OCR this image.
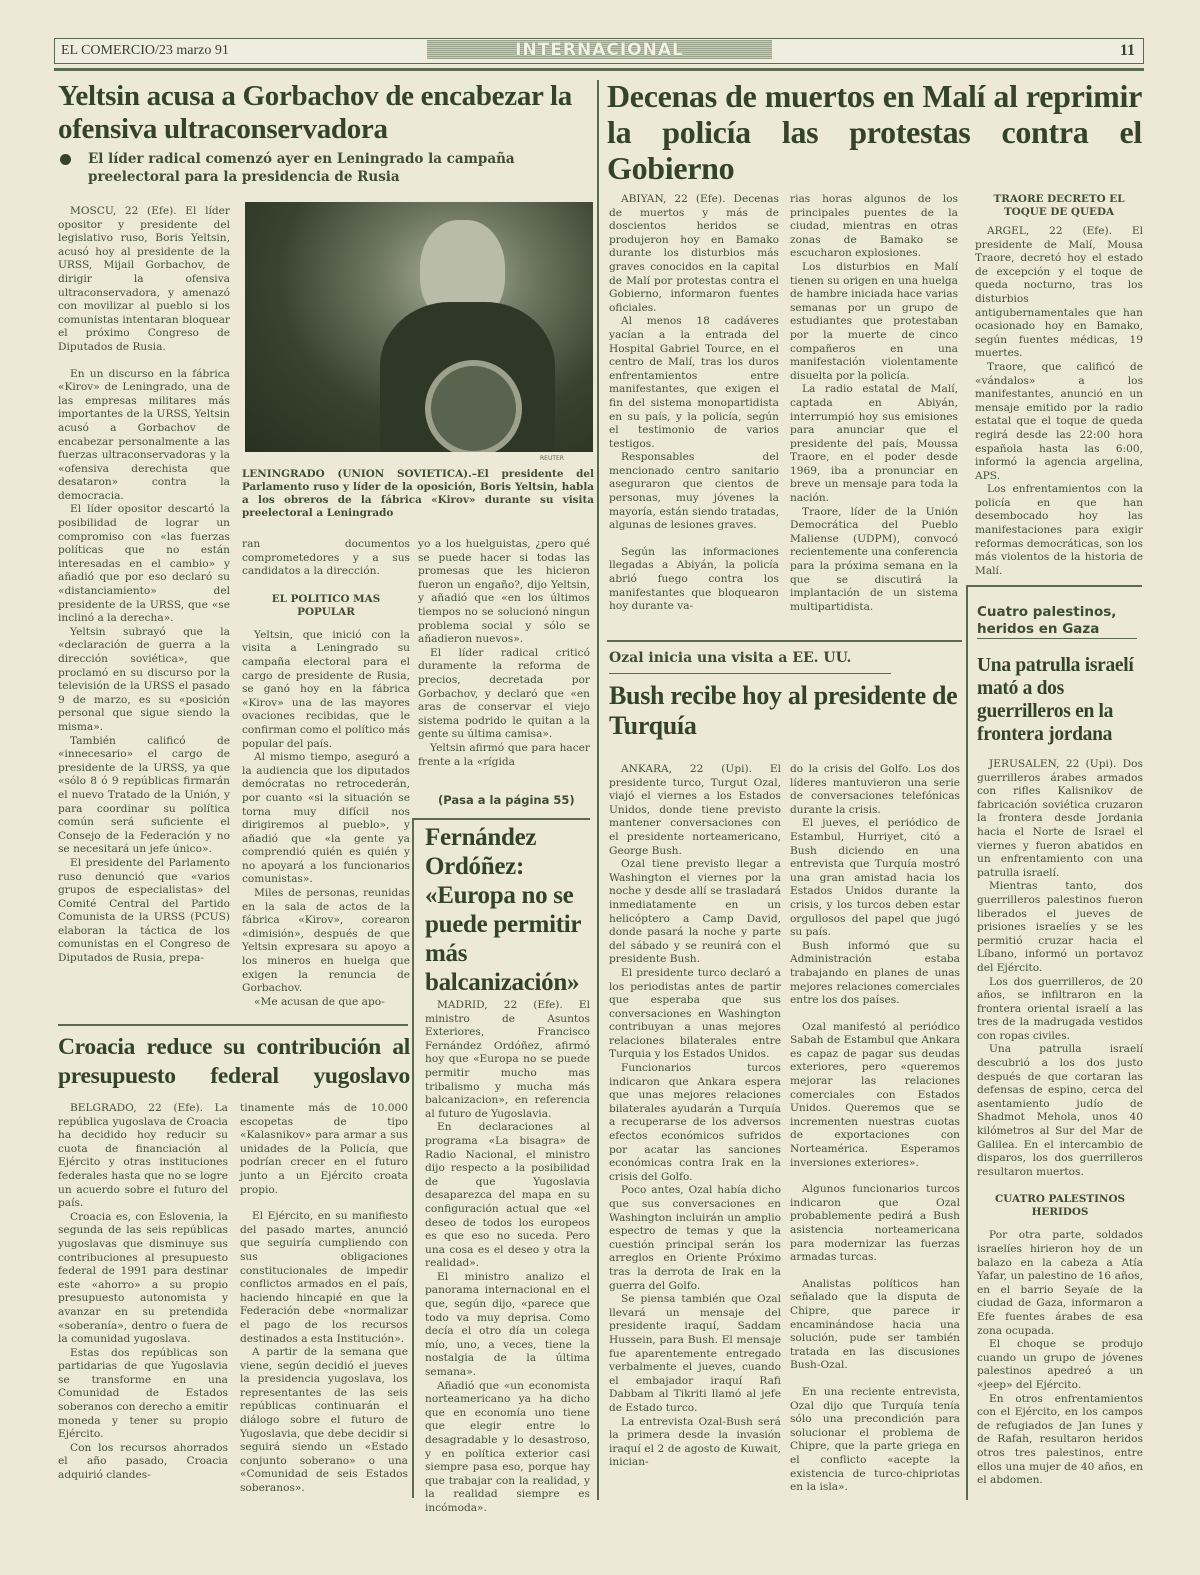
EL COMERCIO/23 marzo 91	INTERNACIONAL	11
Yeltsin acusa a Gorbachov de encabezar la ofensiva ultraconservadora
El líder radical comenzó ayer en Leningrado la campaña preelectoral para la presidencia de Rusia

MOSCU, 22 (Efe). El líder opositor y presidente del legislativo ruso, Boris Yeltsin, acusó hoy al presidente de la URSS, Mijail Gorbachov, de dirigir la ofensiva ultraconservadora, y amenazó con movilizar al pueblo si los comunistas intentaran bloquear el próximo Congreso de Diputados de Rusia.

En un discurso en la fábrica «Kirov» de Leningrado, una de las empresas militares más importantes de la URSS, Yeltsin acusó a Gorbachov de encabezar personalmente a las fuerzas ultraconservadoras y la «ofensiva derechista que desataron» contra la democracia.

El líder opositor descartó la posibilidad de lograr un compromiso con «las fuerzas políticas que no están interesadas en el cambio» y añadió que por eso declaró su «distanciamiento» del presidente de la URSS, que «se inclinó a la derecha».

Yeltsin subrayó que la «declaración de guerra a la dirección soviética», que proclamó en su discurso por la televisión de la URSS el pasado 9 de marzo, es su «posición personal que sigue siendo la misma».

También calificó de «innecesario» el cargo de presidente de la URSS, ya que «sólo 8 ó 9 repúblicas firmarán el nuevo Tratado de la Unión, y para coordinar su política común será suficiente el Consejo de la Federación y no se necesitará un jefe único».

El presidente del Parlamento ruso denunció que «varios grupos de especialistas» del Comité Central del Partido Comunista de la URSS (PCUS) elaboran la táctica de los comunistas en el Congreso de Diputados de Rusia, prepa-

REUTER
LENINGRADO (UNION SOVIETICA).–El presidente del Parlamento ruso y líder de la oposición, Boris Yeltsin, habla a los obreros de la fábrica «Kirov» durante su visita preelectoral a Leningrado

ran documentos comprometedores y a sus candidatos a la dirección.

EL POLITICO MAS POPULAR

Yeltsin, que inició con la visita a Leningrado su campaña electoral para el cargo de presidente de Rusia, se ganó hoy en la fábrica «Kirov» una de las mayores ovaciones recibidas, que le confirman como el político más popular del país.

Al mismo tiempo, aseguró a la audiencia que los diputados demócratas no retrocederán, por cuanto «si la situación se torna muy difícil nos dirigiremos al pueblo», y añadió que «la gente ya comprendió quién es quién y no apoyará a los funcionarios comunistas».

Miles de personas, reunidas en la sala de actos de la fábrica «Kirov», corearon «dimisión», después de que Yeltsin expresara su apoyo a los mineros en huelga que exigen la renuncia de Gorbachov.

«Me acusan de que apo-

yo a los huelguistas, ¿pero qué se puede hacer si todas las promesas que les hicieron fueron un engaño?, dijo Yeltsin, y añadió que «en los últimos tiempos no se solucionó ningun problema social y sólo se añadieron nuevos».

El líder radical criticó duramente la reforma de precios, decretada por Gorbachov, y declaró que «en aras de conservar el viejo sistema podrido le quitan a la gente su última camisa».

Yeltsin afirmó que para hacer frente a la «rígida

(Pasa a la página 55)
Fernández Ordóñez: «Europa no se puede permitir más balcanización»

MADRID, 22 (Efe). El ministro de Asuntos Exteriores, Francisco Fernández Ordóñez, afirmó hoy que «Europa no se puede permitir mucho mas tribalismo y mucha más balcanizacion», en referencia al futuro de Yugoslavia.

En declaraciones al programa «La bisagra» de Radio Nacional, el ministro dijo respecto a la posibilidad de que Yugoslavia desaparezca del mapa en su configuración actual que «el deseo de todos los europeos es que eso no suceda. Pero una cosa es el deseo y otra la realidad».

El ministro analizo el panorama internacional en el que, según dijo, «parece que todo va muy deprisa. Como decía el otro día un colega mío, uno, a veces, tiene la nostalgia de la última semana».

Añadió que «un economista norteamericano ya ha dicho que en economía uno tiene que elegir entre lo desagradable y lo desastroso, y en política exterior casi siempre pasa eso, porque hay que trabajar con la realidad, y la realidad siempre es incómoda».

Croacia reduce su contribución al presupuesto federal yugoslavo

BELGRADO, 22 (Efe). La república yugoslava de Croacia ha decidido hoy reducir su cuota de financiación al Ejército y otras instituciones federales hasta que no se logre un acuerdo sobre el futuro del país.

Croacia es, con Eslovenia, la segunda de las seis repúblicas yugoslavas que disminuye sus contribuciones al presupuesto federal de 1991 para destinar este «ahorro» a su propio presupuesto autonomista y avanzar en su pretendida «soberanía», dentro o fuera de la comunidad yugoslava.

Estas dos repúblicas son partidarias de que Yugoslavia se transforme en una Comunidad de Estados soberanos con derecho a emitir moneda y tener su propio Ejército.

Con los recursos ahorrados el año pasado, Croacia adquirió clandes-

tinamente más de 10.000 escopetas de tipo «Kalasnikov» para armar a sus unidades de la Policía, que podrían crecer en el futuro junto a un Ejército croata propio.

El Ejército, en su manifiesto del pasado martes, anunció que seguiría cumpliendo con sus obligaciones constitucionales de impedir conflictos armados en el país, haciendo hincapié en que la Federación debe «normalizar el pago de los recursos destinados a esta Institución».

A partir de la semana que viene, según decidió el jueves la presidencia yugoslava, los representantes de las seis repúblicas continuarán el diálogo sobre el futuro de Yugoslavia, que debe decidir si seguirá siendo un «Estado conjunto soberano» o una «Comunidad de seis Estados soberanos».

Decenas de muertos en Malí al reprimir la policía las protestas contra el Gobierno

ABIYAN, 22 (Efe). Decenas de muertos y más de doscientos heridos se produjeron hoy en Bamako durante los disturbios más graves conocidos en la capital de Malí por protestas contra el Gobierno, informaron fuentes oficiales.

Al menos 18 cadáveres yacían a la entrada del Hospital Gabriel Tource, en el centro de Malí, tras los duros enfrentamientos entre manifestantes, que exigen el fin del sistema monopartidista en su país, y la policía, según el testimonio de varios testigos.

Responsables del mencionado centro sanitario aseguraron que cientos de personas, muy jóvenes la mayoría, están siendo tratadas, algunas de lesiones graves.

Según las informaciones llegadas a Abiyán, la policía abrió fuego contra los manifestantes que bloquearon hoy durante va-

rias horas algunos de los principales puentes de la ciudad, mientras en otras zonas de Bamako se escucharon explosiones.

Los disturbios en Malí tienen su origen en una huelga de hambre iniciada hace varias semanas por un grupo de estudiantes que protestaban por la muerte de cinco compañeros en una manifestación violentamente disuelta por la policía.

La radio estatal de Malí, captada en Abiyán, interrumpió hoy sus emisiones para anunciar que el presidente del país, Moussa Traore, en el poder desde 1969, iba a pronunciar en breve un mensaje para toda la nación.

Traore, líder de la Unión Democrática del Pueblo Maliense (UDPM), convocó recientemente una conferencia para la próxima semana en la que se discutirá la implantación de un sistema multipartidista.

TRAORE DECRETO EL TOQUE DE QUEDA

ARGEL, 22 (Efe). El presidente de Malí, Mousa Traore, decretó hoy el estado de excepción y el toque de queda nocturno, tras los disturbios antigubernamentales que han ocasionado hoy en Bamako, según fuentes médicas, 19 muertes.

Traore, que calificó de «vándalos» a los manifestantes, anunció en un mensaje emitido por la radio estatal que el toque de queda regirá desde las 22:00 hora española hasta las 6:00, informó la agencia argelina, APS.

Los enfrentamientos con la policía en que han desembocado hoy las manifestaciones para exigir reformas democráticas, son los más violentos de la historia de Malí.

Ozal inicia una visita a EE. UU.
Bush recibe hoy al presidente de Turquía

ANKARA, 22 (Upi). El presidente turco, Turgut Ozal, viajó el viernes a los Estados Unidos, donde tiene previsto mantener conversaciones con el presidente norteamericano, George Bush.

Ozal tiene previsto llegar a Washington el viernes por la noche y desde allí se trasladará inmediatamente en un helicóptero a Camp David, donde pasará la noche y parte del sábado y se reunirá con el presidente Bush.

El presidente turco declaró a los periodistas antes de partir que esperaba que sus conversaciones en Washington contribuyan a unas mejores relaciones bilaterales entre Turquia y los Estados Unidos.

Funcionarios turcos indicaron que Ankara espera que unas mejores relaciones bilaterales ayudarán a Turquía a recuperarse de los adversos efectos económicos sufridos por acatar las sanciones económicas contra Irak en la crisis del Golfo.

Poco antes, Ozal había dicho que sus conversaciones en Washington incluirán un amplio espectro de temas y que la cuestión principal serán los arreglos en Oriente Próximo tras la derrota de Irak en la guerra del Golfo.

Se piensa también que Ozal llevará un mensaje del presidente iraquí, Saddam Hussein, para Bush. El mensaje fue aparentemente entregado verbalmente el jueves, cuando el embajador iraquí Rafi Dabbam al Tikriti llamó al jefe de Estado turco.

La entrevista Ozal-Bush será la primera desde la invasión iraquí el 2 de agosto de Kuwait, inician-

do la crisis del Golfo. Los dos líderes mantuvieron una serie de conversaciones telefónicas durante la crisis.

El jueves, el periódico de Estambul, Hurriyet, citó a Bush diciendo en una entrevista que Turquía mostró una gran amistad hacia los Estados Unidos durante la crisis, y los turcos deben estar orgullosos del papel que jugó su país.

Bush informó que su Administración estaba trabajando en planes de unas mejores relaciones comerciales entre los dos países.

Ozal manifestó al periódico Sabah de Estambul que Ankara es capaz de pagar sus deudas exteriores, pero «queremos mejorar las relaciones comerciales con Estados Unidos. Queremos que se incrementen nuestras cuotas de exportaciones con Norteamérica. Esperamos inversiones exteriores».

Algunos funcionarios turcos indicaron que Ozal probablemente pedirá a Bush asistencia norteamericana para modernizar las fuerzas armadas turcas.

Analistas políticos han señalado que la disputa de Chipre, que parece ir encaminándose hacia una solución, pude ser también tratada en las discusiones Bush-Ozal.

En una reciente entrevista, Ozal dijo que Turquía tenía sólo una precondición para solucionar el problema de Chipre, que la parte griega en el conflicto «acepte la existencia de turco-chipriotas en la isla».

Cuatro palestinos, heridos en Gaza
Una patrulla israelí mató a dos guerrilleros en la frontera jordana

JERUSALEN, 22 (Upi). Dos guerrilleros árabes armados con rifles Kalisnikov de fabricación soviética cruzaron la frontera desde Jordania hacia el Norte de Israel el viernes y fueron abatidos en un enfrentamiento con una patrulla israelí.

Mientras tanto, dos guerrilleros palestinos fueron liberados el jueves de prisiones israelíes y se les permitió cruzar hacia el Líbano, informó un portavoz del Ejército.

Los dos guerrilleros, de 20 años, se infiltraron en la frontera oriental israelí a las tres de la madrugada vestidos con ropas civiles.

Una patrulla israelí descubrió a los dos justo después de que cortaran las defensas de espino, cerca del asentamiento judío de Shadmot Mehola, unos 40 kilómetros al Sur del Mar de Galilea. En el intercambio de disparos, los dos guerrilleros resultaron muertos.

CUATRO PALESTINOS HERIDOS

Por otra parte, soldados israelíes hirieron hoy de un balazo en la cabeza a Atía Yafar, un palestino de 16 años, en el barrio Seyaíe de la ciudad de Gaza, informaron a Efe fuentes árabes de esa zona ocupada.

El choque se produjo cuando un grupo de jóvenes palestinos apedreó a un «jeep» del Ejército.

En otros enfrentamientos con el Ejército, en los campos de refugiados de Jan Iunes y de Rafah, resultaron heridos otros tres palestinos, entre ellos una mujer de 40 años, en el abdomen.
